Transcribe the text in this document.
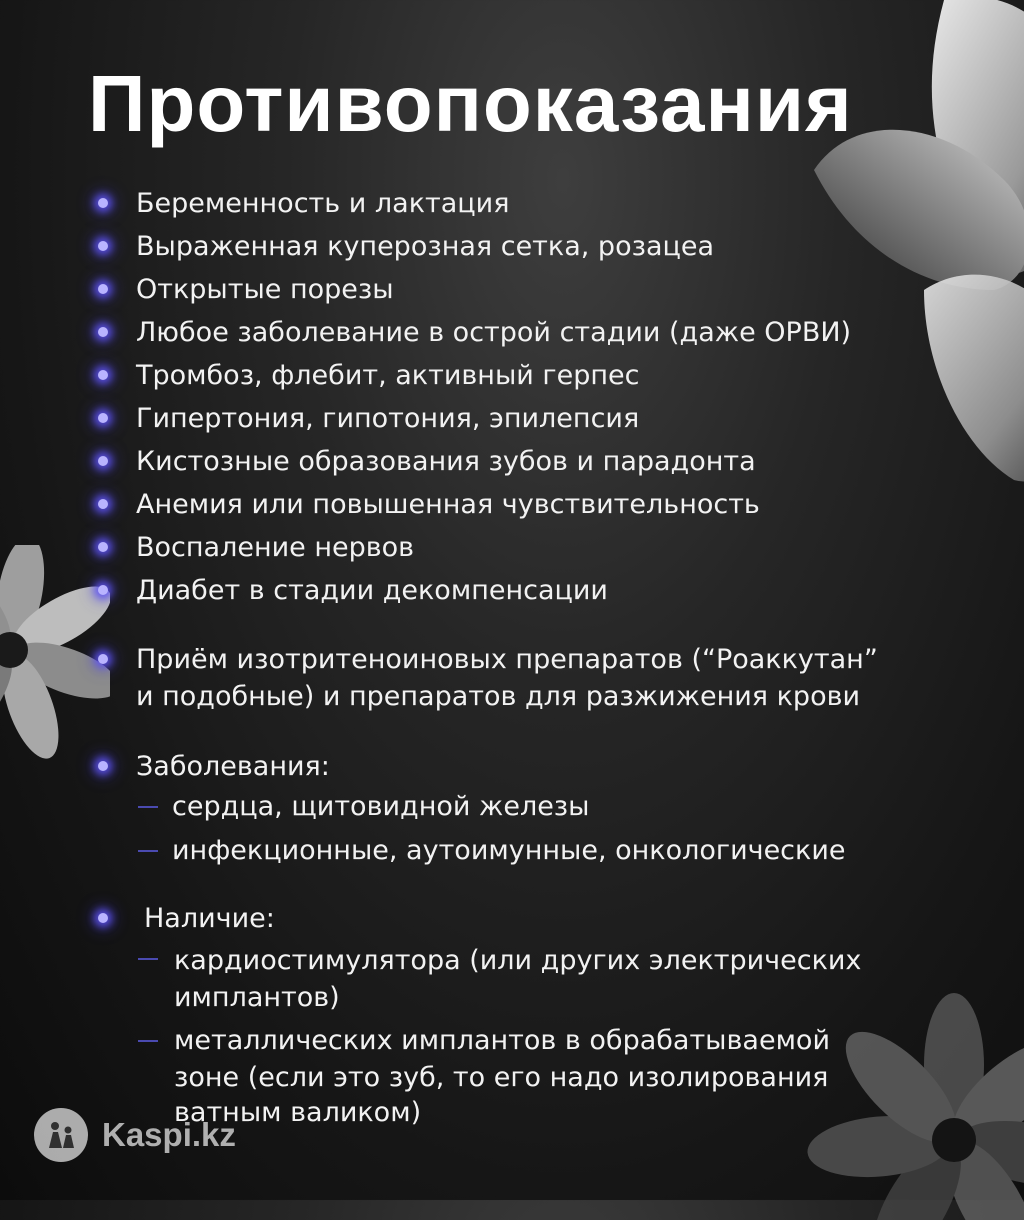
Противопоказания
Беременность и лактация
Выраженная куперозная сетка, розацеа
Открытые порезы
Любое заболевание в острой стадии (даже ОРВИ)
Тромбоз, флебит, активный герпес
Гипертония, гипотония, эпилепсия
Кистозные образования зубов и парадонта
Анемия или повышенная чувствительность
Воспаление нервов
Диабет в стадии декомпенсации
Приём изотритеноиновых препаратов (“Роаккутан”
и подобные) и препаратов для разжижения крови
Заболевания:
сердца, щитовидной железы
инфекционные, аутоимунные, онкологические
Наличие:
кардиостимулятора (или других электрических
имплантов)
металлических имплантов в обрабатываемой
зоне (если это зуб, то его надо изолирования
ватным валиком)
Kaspi.kz
